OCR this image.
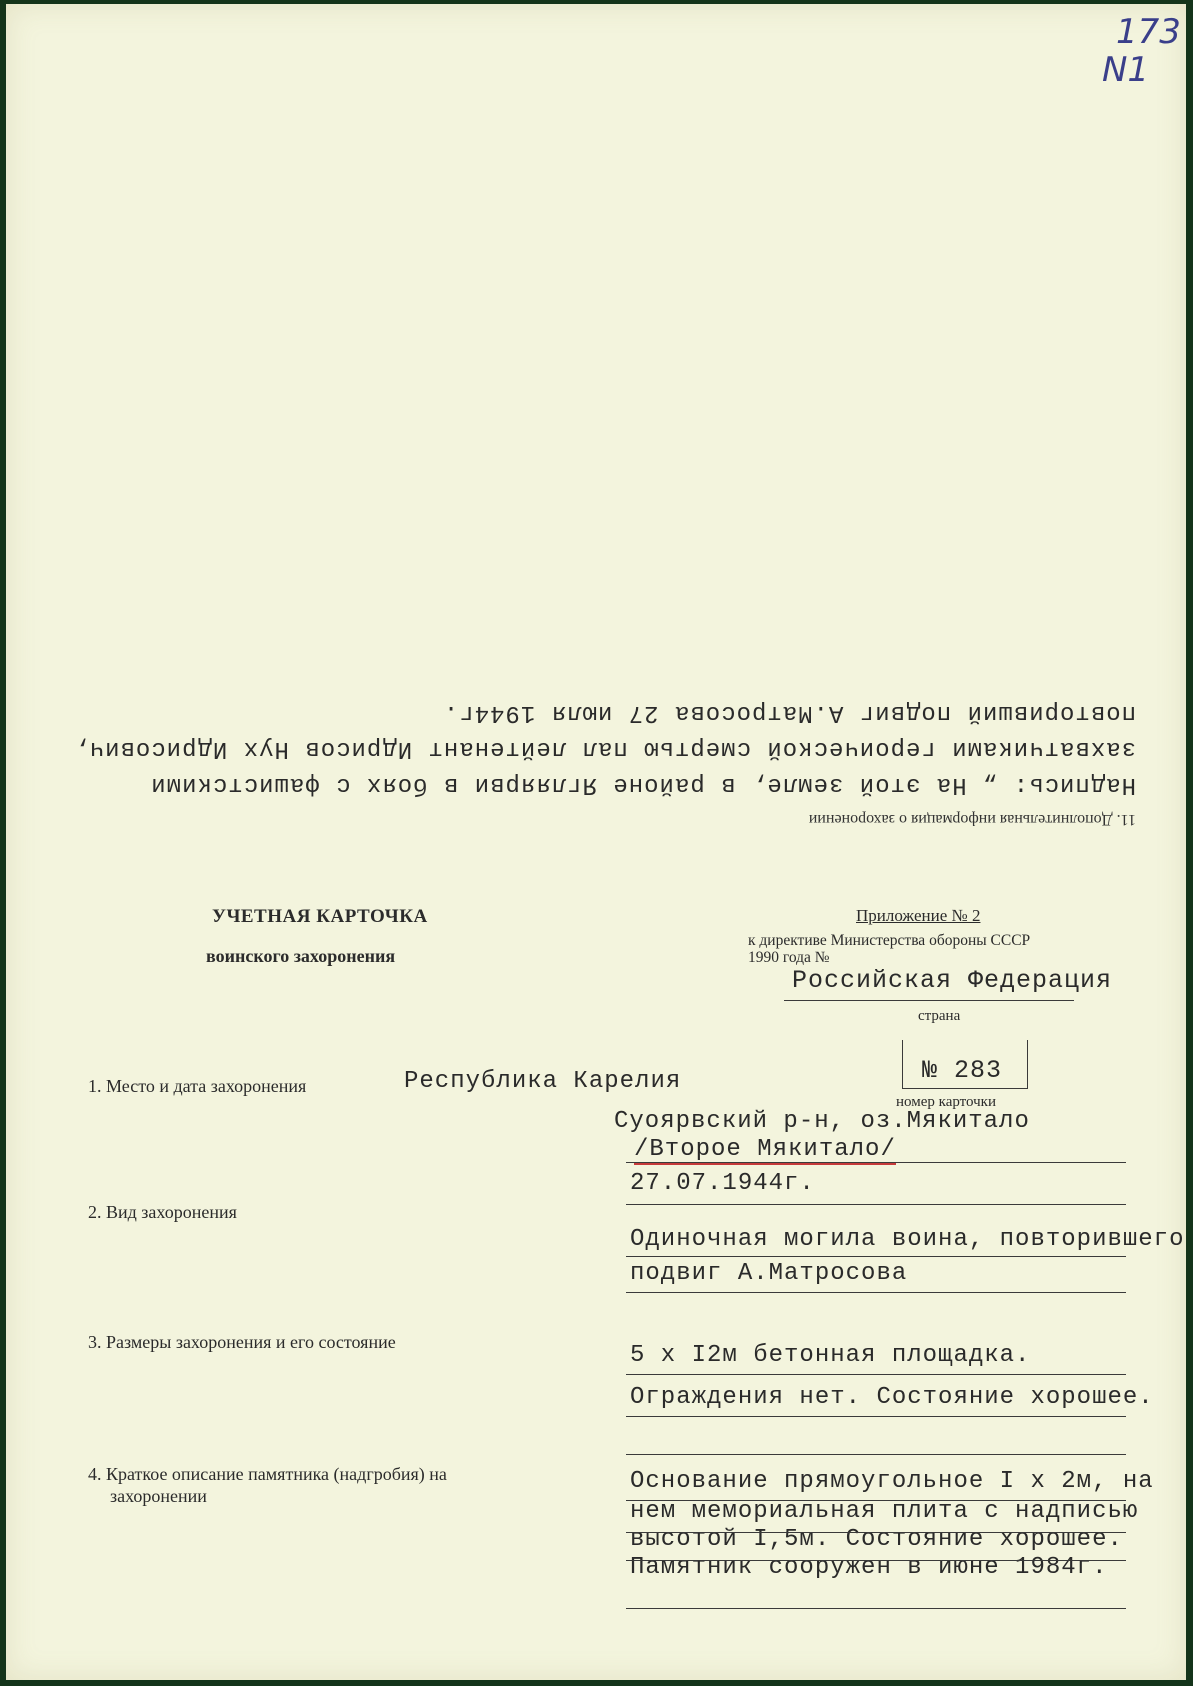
173
N1
11. Дополнительная информация о захоронении
Надпись: „ На этой земле, в районе Ягляярви в боях с фашистскими
захватчиками героической смертью пал лейтенант Идрисов Нух Идрисович,
повторивший подвиг А.Матросова 27 июля 1944г.
УЧЕТНАЯ КАРТОЧКА
воинского захоронения
Приложение № 2
к директиве Министерства обороны СССР
1990 года №
Российская Федерация
страна
№ 283
номер карточки
1. Место и дата захоронения	Республика Карелия
Суоярвский р-н, оз.Мякитало
/Второе Мякитало/
27.07.1944г.
2. Вид захоронения
Одиночная могила воина, повторившего
подвиг А.Матросова
3. Размеры захоронения и его состояние	5 х I2м бетонная площадка.
Ограждения нет. Состояние хорошее.
4. Краткое описание памятника (надгробия) на
захоронении
Основание прямоугольное I х 2м, на
нем мемориальная плита с надписью
высотой I,5м. Состояние хорошее.
Памятник сооружен в июне 1984г.
